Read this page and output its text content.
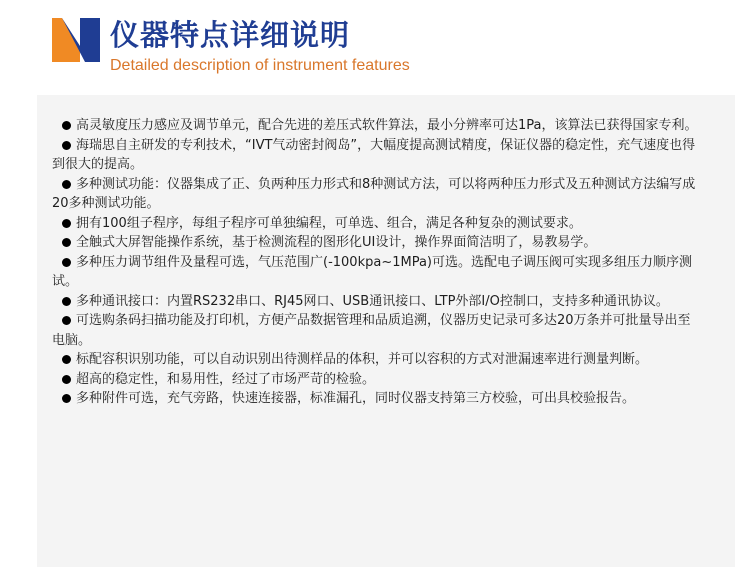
仪器特点详细说明
Detailed description of instrument features
高灵敏度压力感应及调节单元，配合先进的差压式软件算法，最小分辨率可达1Pa，该算法已获得国家专利。
海瑞思自主研发的专利技术，“IVT气动密封阀岛”，大幅度提高测试精度，保证仪器的稳定性，充气速度也得到很大的提高。
多种测试功能：仪器集成了正、负两种压力形式和8种测试方法，可以将两种压力形式及五种测试方法编写成20多种测试功能。
拥有100组子程序，每组子程序可单独编程，可单选、组合，满足各种复杂的测试要求。
全触式大屏智能操作系统，基于检测流程的图形化UI设计，操作界面简洁明了，易教易学。
多种压力调节组件及量程可选，气压范围广(-100kpa~1MPa)可选。选配电子调压阀可实现多组压力顺序测试。
多种通讯接口：内置RS232串口、RJ45网口、USB通讯接口、LTP外部I/O控制口，支持多种通讯协议。
可选购条码扫描功能及打印机，方便产品数据管理和品质追溯，仪器历史记录可多达20万条并可批量导出至电脑。
标配容积识别功能，可以自动识别出待测样品的体积，并可以容积的方式对泄漏速率进行测量判断。
超高的稳定性，和易用性，经过了市场严苛的检验。
多种附件可选，充气旁路，快速连接器，标准漏孔，同时仪器支持第三方校验，可出具校验报告。
